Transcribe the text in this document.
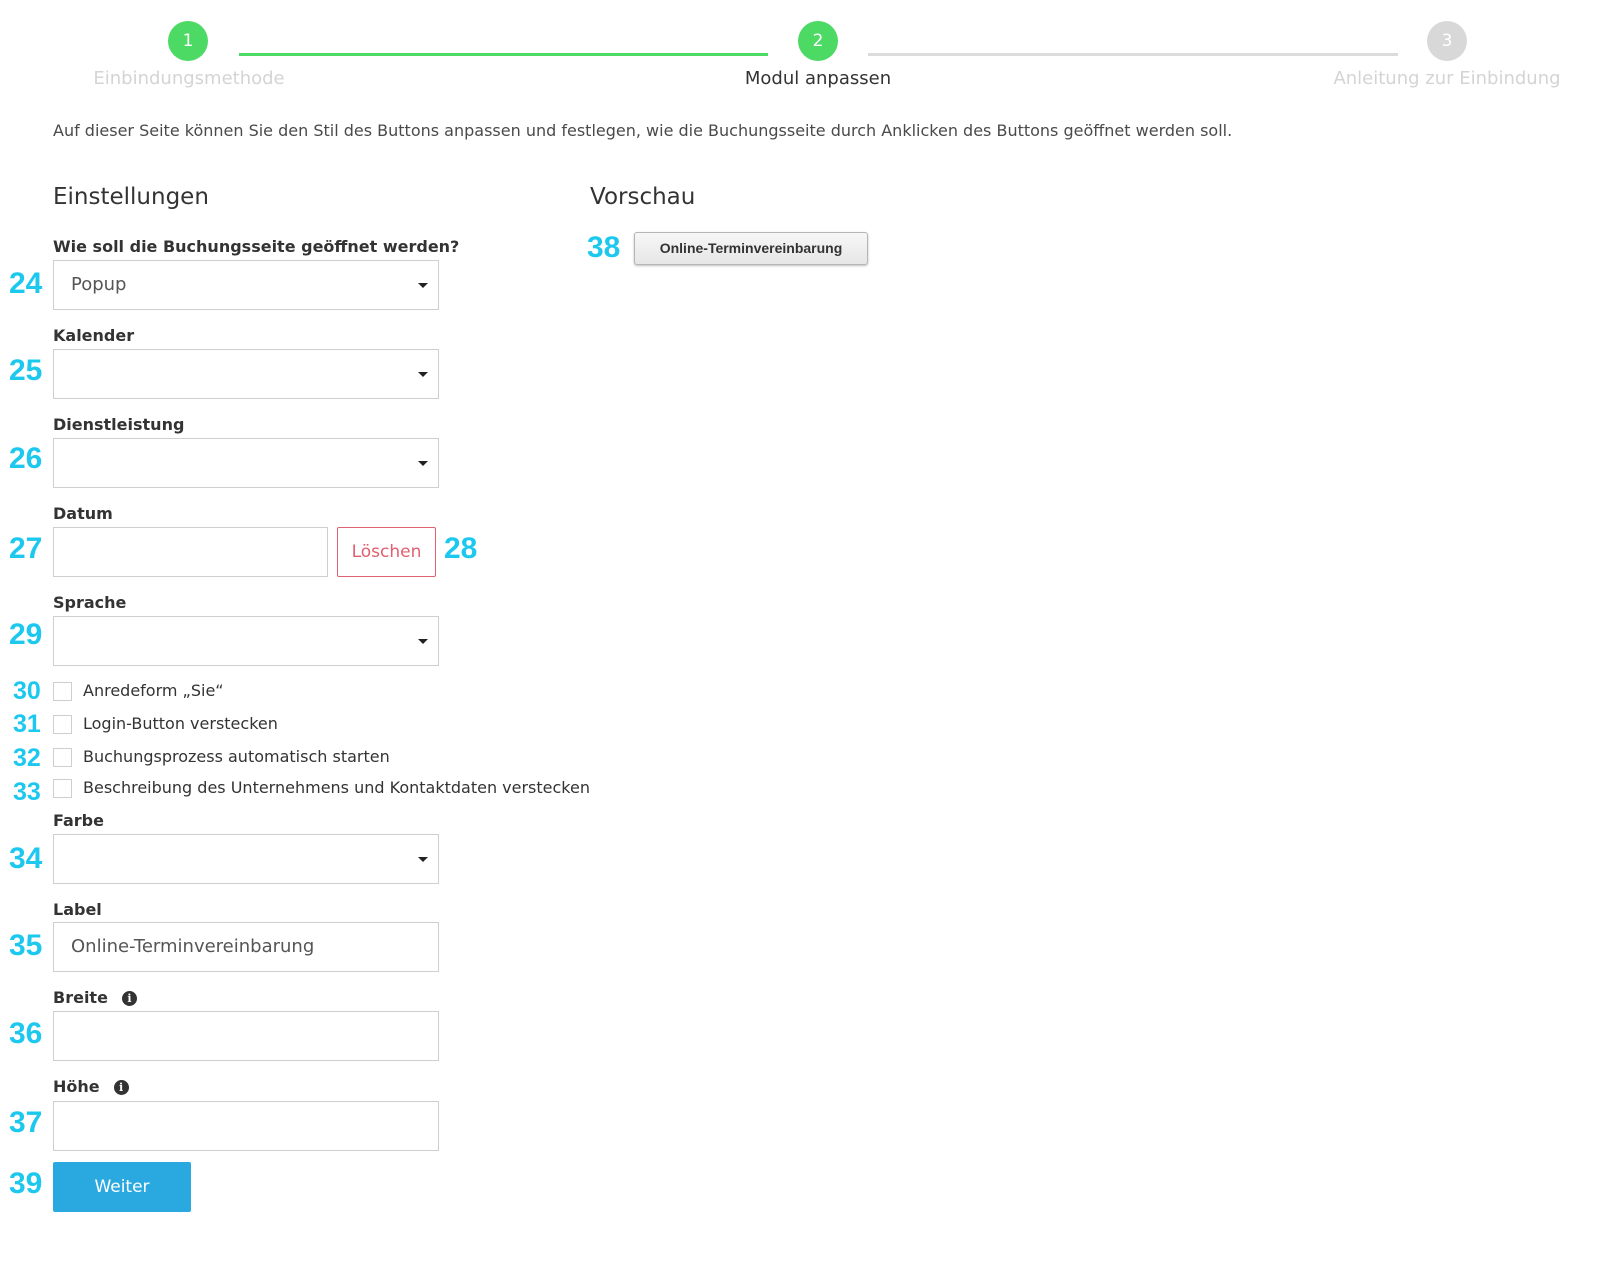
1	2	3
Einbindungsmethode	Modul anpassen	Anleitung zur Einbindung
Auf dieser Seite können Sie den Stil des Buttons anpassen und festlegen, wie die Buchungsseite durch Anklicken des Buttons geöffnet werden soll.
Einstellungen	Vorschau
Wie soll die Buchungsseite geöffnet werden?
24	Popup
Kalender
25
Dienstleistung
26
Datum
27	Löschen 28
Sprache
29
30	Anredeform „Sie“
31	Login-Button verstecken
32	Buchungsprozess automatisch starten
33	Beschreibung des Unternehmens und Kontaktdaten verstecken
Farbe
34
Label
35	Online-Terminvereinbarung
Breite i
36
Höhe i
37
39	Weiter
38	Online-Terminvereinbarung
